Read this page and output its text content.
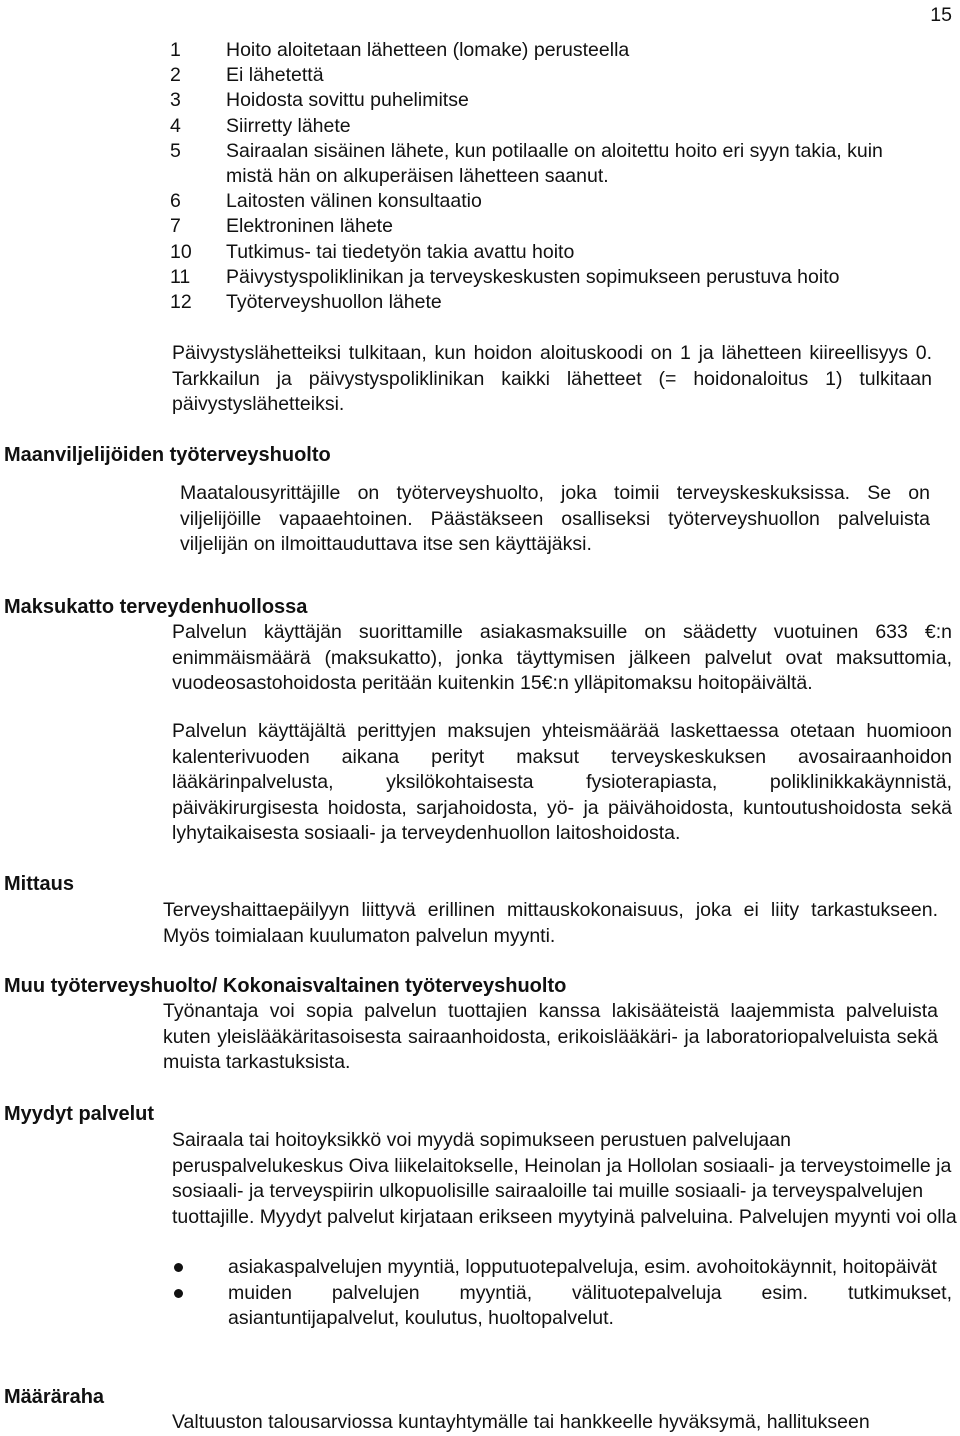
15
1	Hoito aloitetaan lähetteen (lomake) perusteella
2	Ei lähetettä
3	Hoidosta sovittu puhelimitse
4	Siirretty lähete
5	Sairaalan sisäinen lähete, kun potilaalle on aloitettu hoito eri syyn takia, kuin mistä hän on alkuperäisen lähetteen saanut.
6	Laitosten välinen konsultaatio
7	Elektroninen lähete
10	Tutkimus- tai tiedetyön takia avattu hoito
11	Päivystyspoliklinikan ja terveyskeskusten sopimukseen perustuva hoito
12	Työterveyshuollon lähete

Päivystyslähetteiksi tulkitaan, kun hoidon aloituskoodi on 1 ja lähetteen kiireellisyys 0. Tarkkailun ja päivystyspoliklinikan kaikki lähetteet (= hoidonaloitus 1) tulkitaan päivystyslähetteiksi.

Maanviljelijöiden työterveyshuolto

Maatalousyrittäjille on työterveyshuolto, joka toimii terveyskeskuksissa. Se on viljelijöille vapaaehtoinen. Päästäkseen osalliseksi työterveyshuollon palveluista viljelijän on ilmoittauduttava itse sen käyttäjäksi.

Maksukatto terveydenhuollossa

Palvelun käyttäjän suorittamille asiakasmaksuille on säädetty vuotuinen 633 €:n enimmäismäärä (maksukatto), jonka täyttymisen jälkeen palvelut ovat maksuttomia, vuodeosastohoidosta peritään kuitenkin 15€:n ylläpitomaksu hoitopäivältä.

Palvelun käyttäjältä perittyjen maksujen yhteismäärää laskettaessa otetaan huomioon kalenterivuoden aikana perityt maksut terveyskeskuksen avosairaanhoidon lääkärinpalvelusta, yksilökohtaisesta fysioterapiasta, poliklinikkakäynnistä, päiväkirurgisesta hoidosta, sarjahoidosta, yö- ja päivähoidosta, kuntoutushoidosta sekä lyhytaikaisesta sosiaali- ja terveydenhuollon laitoshoidosta.

Mittaus

Terveyshaittaepäilyyn liittyvä erillinen mittauskokonaisuus, joka ei liity tarkastukseen. Myös toimialaan kuulumaton palvelun myynti.

Muu työterveyshuolto/ Kokonaisvaltainen työterveyshuolto

Työnantaja voi sopia palvelun tuottajien kanssa lakisääteistä laajemmista palveluista kuten yleislääkäritasoisesta sairaanhoidosta, erikoislääkäri- ja laboratoriopalveluista sekä muista tarkastuksista.

Myydyt palvelut

Sairaala tai hoitoyksikkö voi myydä sopimukseen perustuen palvelujaan peruspalvelukeskus Oiva liikelaitokselle, Heinolan ja Hollolan sosiaali- ja terveystoimelle ja sosiaali- ja terveyspiirin ulkopuolisille sairaaloille tai muille sosiaali- ja terveyspalvelujen tuottajille. Myydyt palvelut kirjataan erikseen myytyinä palveluina. Palvelujen myynti voi olla

asiakaspalvelujen myyntiä, lopputuotepalveluja, esim. avohoitokäynnit, hoitopäivät
muiden palvelujen myyntiä, välituotepalveluja esim. tutkimukset, asiantuntijapalvelut, koulutus, huoltopalvelut.
Määräraha

Valtuuston talousarviossa kuntayhtymälle tai hankkeelle hyväksymä, hallitukseen
